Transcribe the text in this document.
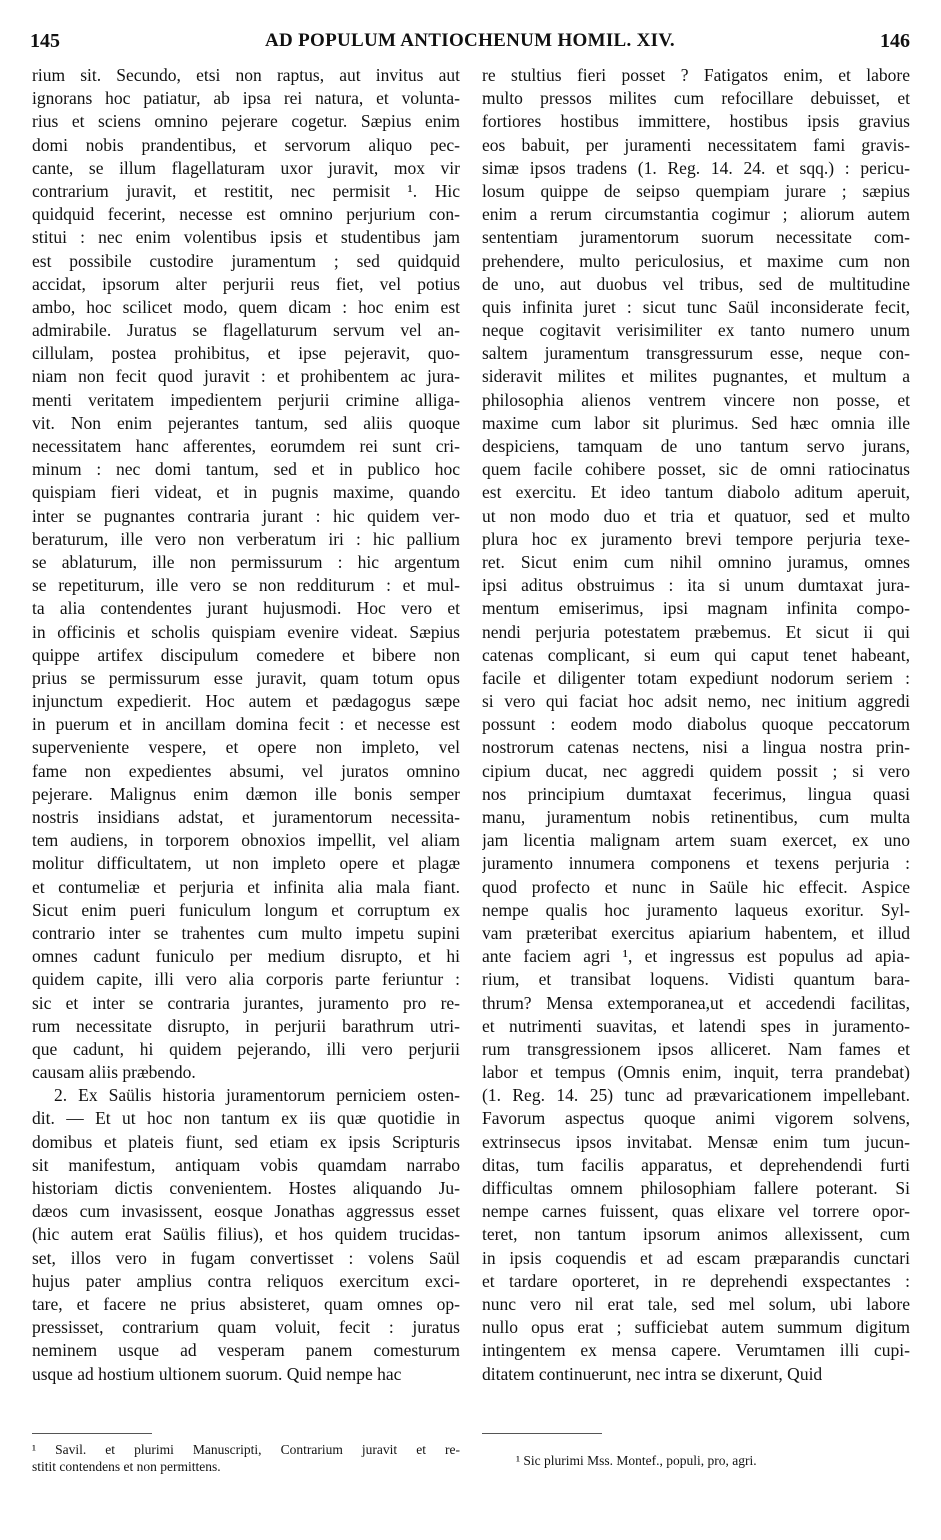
145	AD POPULUM ANTIOCHENUM HOMIL. XIV.	146
rium sit. Secundo, etsi non raptus, aut invitus aut
ignorans hoc patiatur, ab ipsa rei natura, et volunta-
rius et sciens omnino pejerare cogetur. Sæpius enim
domi nobis prandentibus, et servorum aliquo pec-
cante, se illum flagellaturam uxor juravit, mox vir
contrarium juravit, et restitit, nec permisit ¹. Hic
quidquid fecerint, necesse est omnino perjurium con-
stitui : nec enim volentibus ipsis et studentibus jam
est possibile custodire juramentum ; sed quidquid
accidat, ipsorum alter perjurii reus fiet, vel potius
ambo, hoc scilicet modo, quem dicam : hoc enim est
admirabile. Juratus se flagellaturum servum vel an-
cillulam, postea prohibitus, et ipse pejeravit, quo-
niam non fecit quod juravit : et prohibentem ac jura-
menti veritatem impedientem perjurii crimine alliga-
vit. Non enim pejerantes tantum, sed aliis quoque
necessitatem hanc afferentes, eorumdem rei sunt cri-
minum : nec domi tantum, sed et in publico hoc
quispiam fieri videat, et in pugnis maxime, quando
inter se pugnantes contraria jurant : hic quidem ver-
beraturum, ille vero non verberatum iri : hic pallium
se ablaturum, ille non permissurum : hic argentum
se repetiturum, ille vero se non redditurum : et mul-
ta alia contendentes jurant hujusmodi. Hoc vero et
in officinis et scholis quispiam evenire videat. Sæpius
quippe artifex discipulum comedere et bibere non
prius se permissurum esse juravit, quam totum opus
injunctum expedierit. Hoc autem et pædagogus sæpe
in puerum et in ancillam domina fecit : et necesse est
superveniente vespere, et opere non impleto, vel
fame non expedientes absumi, vel juratos omnino
pejerare. Malignus enim dæmon ille bonis semper
nostris insidians adstat, et juramentorum necessita-
tem audiens, in torporem obnoxios impellit, vel aliam
molitur difficultatem, ut non impleto opere et plagæ
et contumeliæ et perjuria et infinita alia mala fiant.
Sicut enim pueri funiculum longum et corruptum ex
contrario inter se trahentes cum multo impetu supini
omnes cadunt funiculo per medium disrupto, et hi
quidem capite, illi vero alia corporis parte feriuntur :
sic et inter se contraria jurantes, juramento pro re-
rum necessitate disrupto, in perjurii barathrum utri-
que cadunt, hi quidem pejerando, illi vero perjurii
causam aliis præbendo.
2. Ex Saülis historia juramentorum perniciem osten-
dit. — Et ut hoc non tantum ex iis quæ quotidie in
domibus et plateis fiunt, sed etiam ex ipsis Scripturis
sit manifestum, antiquam vobis quamdam narrabo
historiam dictis convenientem. Hostes aliquando Ju-
dæos cum invasissent, eosque Jonathas aggressus esset
(hic autem erat Saülis filius), et hos quidem trucidas-
set, illos vero in fugam convertisset : volens Saül
hujus pater amplius contra reliquos exercitum exci-
tare, et facere ne prius absisteret, quam omnes op-
pressisset, contrarium quam voluit, fecit : juratus
neminem usque ad vesperam panem comesturum
usque ad hostium ultionem suorum. Quid nempe hac
re stultius fieri posset ? Fatigatos enim, et labore
multo pressos milites cum refocillare debuisset, et
fortiores hostibus immittere, hostibus ipsis gravius
eos babuit, per juramenti necessitatem fami gravis-
simæ ipsos tradens (1. Reg. 14. 24. et sqq.) : pericu-
losum quippe de seipso quempiam jurare ; sæpius
enim a rerum circumstantia cogimur ; aliorum autem
sententiam juramentorum suorum necessitate com-
prehendere, multo periculosius, et maxime cum non
de uno, aut duobus vel tribus, sed de multitudine
quis infinita juret : sicut tunc Saül inconsiderate fecit,
neque cogitavit verisimiliter ex tanto numero unum
saltem juramentum transgressurum esse, neque con-
sideravit milites et milites pugnantes, et multum a
philosophia alienos ventrem vincere non posse, et
maxime cum labor sit plurimus. Sed hæc omnia ille
despiciens, tamquam de uno tantum servo jurans,
quem facile cohibere posset, sic de omni ratiocinatus
est exercitu. Et ideo tantum diabolo aditum aperuit,
ut non modo duo et tria et quatuor, sed et multo
plura hoc ex juramento brevi tempore perjuria texe-
ret. Sicut enim cum nihil omnino juramus, omnes
ipsi aditus obstruimus : ita si unum dumtaxat jura-
mentum emiserimus, ipsi magnam infinita compo-
nendi perjuria potestatem præbemus. Et sicut ii qui
catenas complicant, si eum qui caput tenet habeant,
facile et diligenter totam expediunt nodorum seriem :
si vero qui faciat hoc adsit nemo, nec initium aggredi
possunt : eodem modo diabolus quoque peccatorum
nostrorum catenas nectens, nisi a lingua nostra prin-
cipium ducat, nec aggredi quidem possit ; si vero
nos principium dumtaxat fecerimus, lingua quasi
manu, juramentum nobis retinentibus, cum multa
jam licentia malignam artem suam exercet, ex uno
juramento innumera componens et texens perjuria :
quod profecto et nunc in Saüle hic effecit. Aspice
nempe qualis hoc juramento laqueus exoritur. Syl-
vam præteribat exercitus apiarium habentem, et illud
ante faciem agri ¹, et ingressus est populus ad apia-
rium, et transibat loquens. Vidisti quantum bara-
thrum? Mensa extemporanea,ut et accedendi facilitas,
et nutrimenti suavitas, et latendi spes in juramento-
rum transgressionem ipsos alliceret. Nam fames et
labor et tempus (Omnis enim, inquit, terra prandebat)
(1. Reg. 14. 25) tunc ad prævaricationem impellebant.
Favorum aspectus quoque animi vigorem solvens,
extrinsecus ipsos invitabat. Mensæ enim tum jucun-
ditas, tum facilis apparatus, et deprehendendi furti
difficultas omnem philosophiam fallere poterant. Si
nempe carnes fuissent, quas elixare vel torrere opor-
teret, non tantum ipsorum animos allexissent, cum
in ipsis coquendis et ad escam præparandis cunctari
et tardare oporteret, in re deprehendi exspectantes :
nunc vero nil erat tale, sed mel solum, ubi labore
nullo opus erat ; sufficiebat autem summum digitum
intingentem ex mensa capere. Verumtamen illi cupi-
ditatem continuerunt, nec intra se dixerunt, Quid
¹ Savil. et plurimi Manuscripti, Contrarium juravit et re-
stitit contendens et non permittens.	¹ Sic plurimi Mss. Montef., populi, pro, agri.
